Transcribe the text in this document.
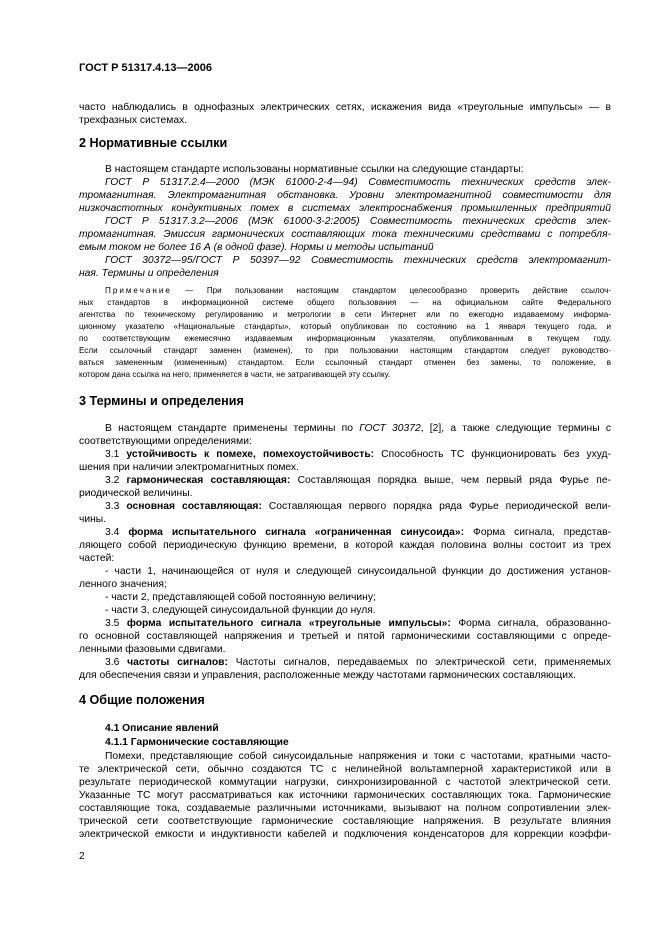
ГОСТ Р 51317.4.13—2006
часто наблюдались в однофазных электрических сетях, искажения вида «треугольные импульсы» — в
трехфазных системах.
2 Нормативные ссылки
В настоящем стандарте использованы нормативные ссылки на следующие стандарты:
ГОСТ Р 51317.2.4—2000 (МЭК 61000-2-4—94) Совместимость технических средств элек-
тромагнитная. Электромагнитная обстановка. Уровни электромагнитной совместимости для
низкочастотных кондуктивных помех в системах электроснабжения промышленных предприятий
ГОСТ Р 51317.3.2—2006 (МЭК 61000-3-2:2005) Совместимость технических средств элек-
тромагнитная. Эмиссия гармонических составляющих тока техническими средствами с потребля-
емым током не более 16 А (в одной фазе). Нормы и методы испытаний
ГОСТ 30372—95/ГОСТ Р 50397—92 Совместимость технических средств электромагнит-
ная. Термины и определения
Примечание — При пользовании настоящим стандартом целесообразно проверить действие ссылоч-
ных стандартов в информационной системе общего пользования — на официальном сайте Федерального
агентства по техническому регулированию и метрологии в сети Интернет или по ежегодно издаваемому информа-
ционному указателю «Национальные стандарты», который опубликован по состоянию на 1 января текущего года, и
по соответствующим ежемесячно издаваемым информационным указателям, опубликованным в текущем году.
Если ссылочный стандарт заменен (изменен), то при пользовании настоящим стандартом следует руководство-
ваться замененным (измененным) стандартом. Если ссылочный стандарт отменен без замены, то положение, в
котором дана ссылка на него, применяется в части, не затрагивающей эту ссылку.
3 Термины и определения
В настоящем стандарте применены термины по ГОСТ 30372, [2], а также следующие термины с
соответствующими определениями:
3.1 устойчивость к помехе, помехоустойчивость: Способность ТС функционировать без ухуд-
шения при наличии электромагнитных помех.
3.2 гармоническая составляющая: Составляющая порядка выше, чем первый ряда Фурье пе-
риодической величины.
3.3 основная составляющая: Составляющая первого порядка ряда Фурье периодической вели-
чины.
3.4 форма испытательного сигнала «ограниченная синусоида»: Форма сигнала, представ-
ляющего собой периодическую функцию времени, в которой каждая половина волны состоит из трех
частей:
- части 1, начинающейся от нуля и следующей синусоидальной функции до достижения установ-
ленного значения;
- части 2, представляющей собой постоянную величину;
- части 3, следующей синусоидальной функции до нуля.
3.5 форма испытательного сигнала «треугольные импульсы»: Форма сигнала, образованно-
го основной составляющей напряжения и третьей и пятой гармоническими составляющими с опреде-
ленными фазовыми сдвигами.
3.6 частоты сигналов: Частоты сигналов, передаваемых по электрической сети, применяемых
для обеспечения связи и управления, расположенные между частотами гармонических составляющих.
4 Общие положения
4.1 Описание явлений
4.1.1 Гармонические составляющие
Помехи, представляющие собой синусоидальные напряжения и токи с частотами, кратными часто-
те электрической сети, обычно создаются ТС с нелинейной вольтамперной характеристикой или в
результате периодической коммутации нагрузки, синхронизированной с частотой электрической сети.
Указанные ТС могут рассматриваться как источники гармонических составляющих тока. Гармонические
составляющие тока, создаваемые различными источниками, вызывают на полном сопротивлении элек-
трической сети соответствующие гармонические составляющие напряжения. В результате влияния
электрической емкости и индуктивности кабелей и подключения конденсаторов для коррекции коэффи-
2
